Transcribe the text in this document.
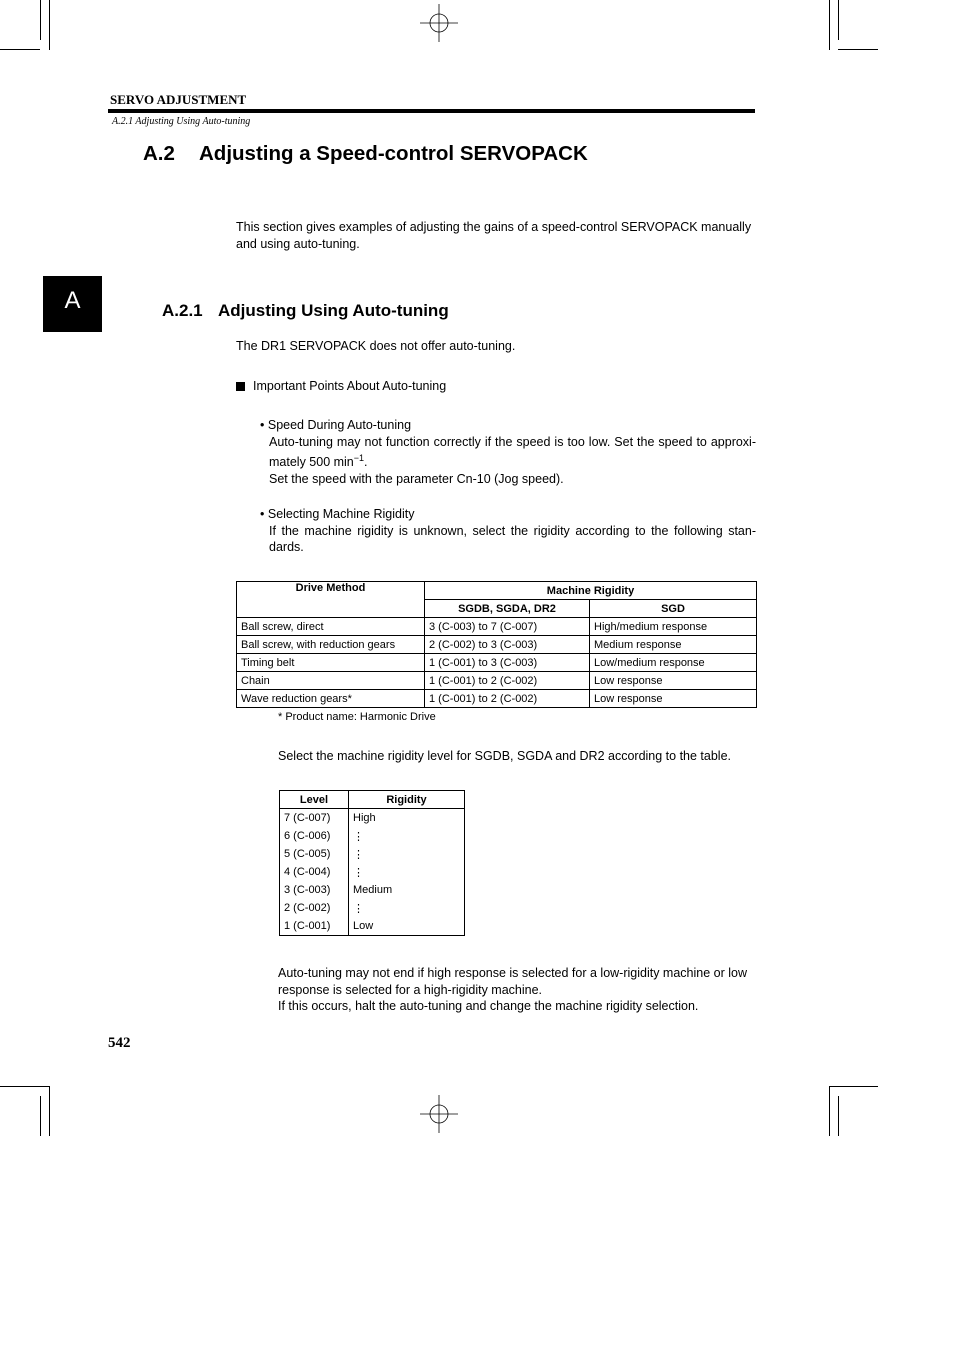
SERVO ADJUSTMENT
A.2.1 Adjusting Using Auto-tuning
A.2 Adjusting a Speed-control SERVOPACK
This section gives examples of adjusting the gains of a speed-control SERVOPACK manually and using auto-tuning.
A	A.2.1 Adjusting Using Auto-tuning
The DR1 SERVOPACK does not offer auto-tuning.
Important Points About Auto-tuning
• Speed During Auto-tuning
Auto-tuning may not function correctly if the speed is too low. Set the speed to approxi- mately 500 $\min^{-1}$.
Set the speed with the parameter Cn-10 (Jog speed).
• Selecting Machine Rigidity
If the machine rigidity is unknown, select the rigidity according to the following stan- dards.
Drive Method	Machine Rigidity	
	SGDB, SGDA, DR2	SGD
Ball screw, direct	3 (C-003) to 7 (C-007)	High/medium response
Ball screw, with reduction gears	2 (C-002) to 3 (C-003)	Medium response
Timing belt	1 (C-001) to 3 (C-003)	Low/medium response
Chain	1 (C-001) to 2 (C-002)	Low response
Wave reduction gears*	1 (C-001) to 2 (C-002)	Low response
* Product name: Harmonic Drive
Select the machine rigidity level for SGDB, SGDA and DR2 according to the table.
Level	Rigidity
7 (C-007)	High
6 (C-006)	⋮
5 (C-005)	⋮
4 (C-004)	⋮
3 (C-003)	Medium
2 (C-002)	⋮
1 (C-001)	Low
Auto-tuning may not end if high response is selected for a low-rigidity machine or low response is selected for a high-rigidity machine.
If this occurs, halt the auto-tuning and change the machine rigidity selection.
542
